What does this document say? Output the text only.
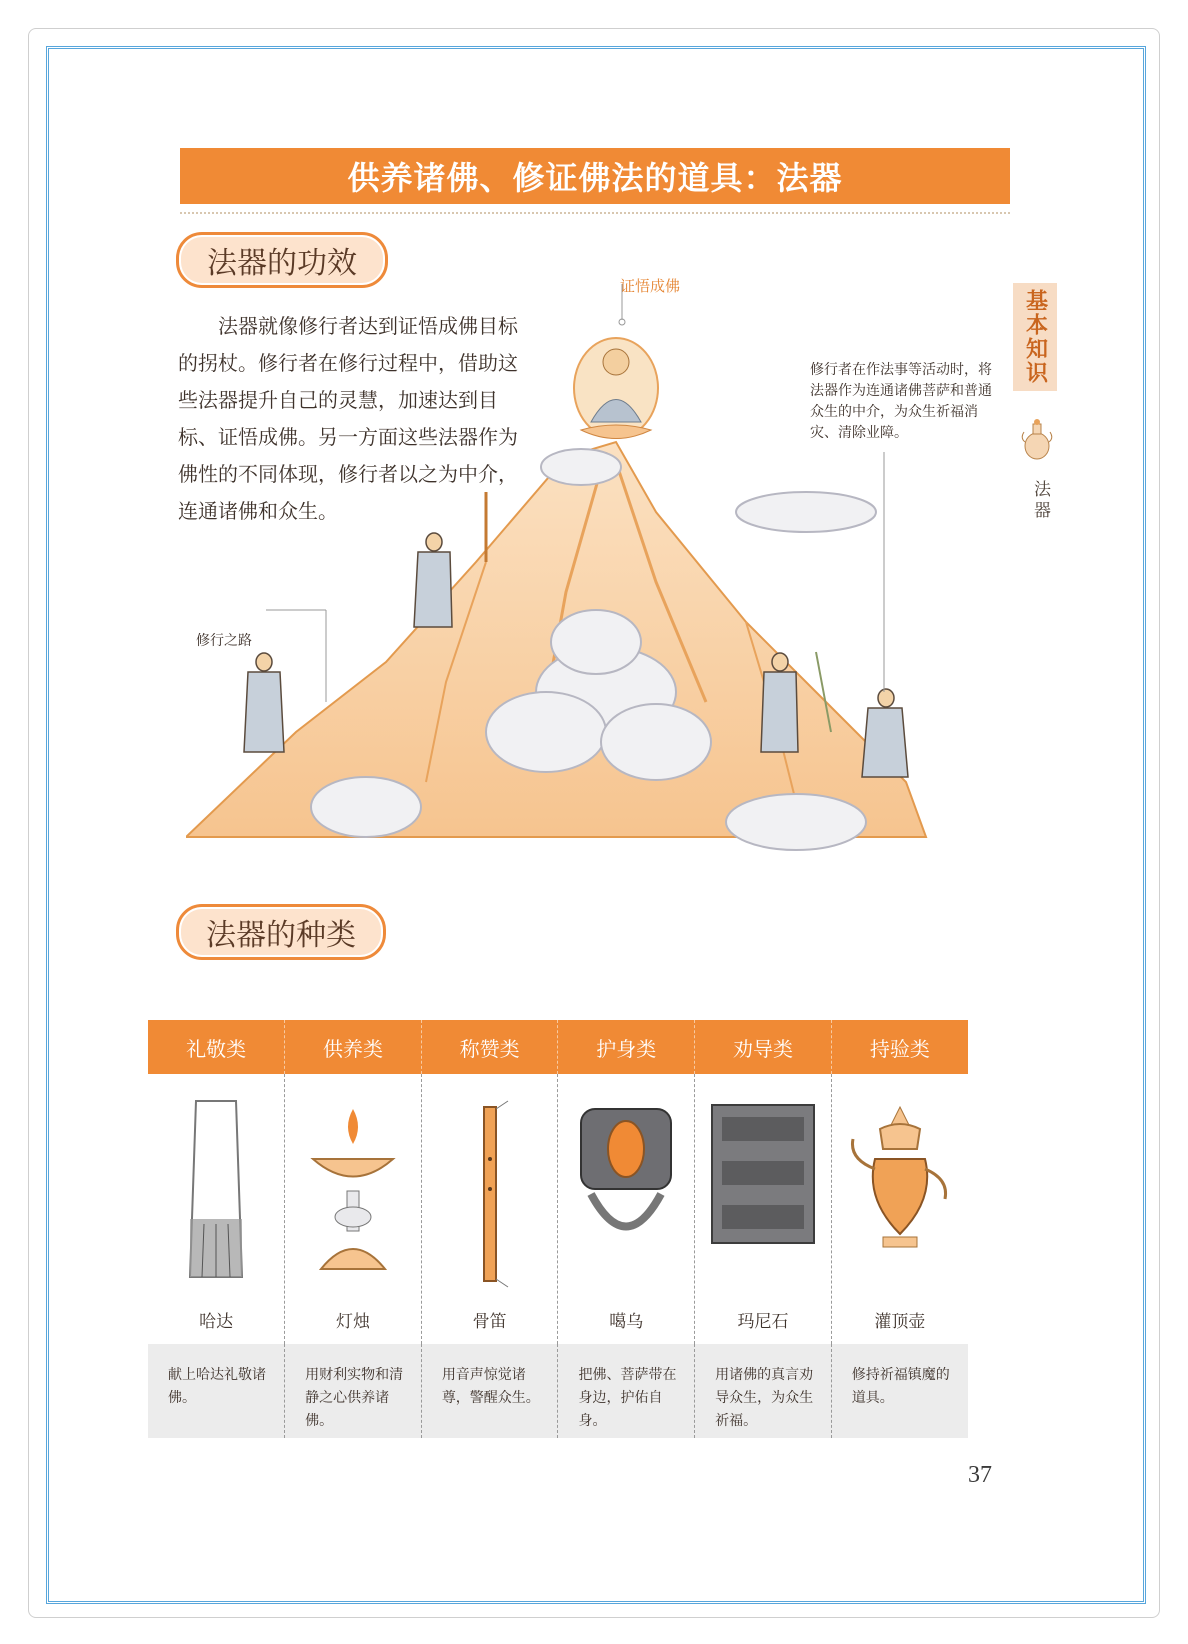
供养诸佛、修证佛法的道具：法器
法器的功效

法器就像修行者达到证悟成佛目标的拐杖。修行者在修行过程中，借助这些法器提升自己的灵慧，加速达到目标、证悟成佛。另一方面这些法器作为佛性的不同体现，修行者以之为中介，连通诸佛和众生。

基本知识
法器
证悟成佛
修行者在作法事等活动时，将法器作为连通诸佛菩萨和普通众生的中介，为众生祈福消灾、清除业障。
修行之路
法器的种类
礼敬类	供养类	称赞类	护身类	劝导类	持验类

哈达	灯烛	骨笛	噶乌	玛尼石	灌顶壶

献上哈达礼敬诸佛。	用财利实物和清静之心供养诸佛。	用音声惊觉诸尊，警醒众生。	把佛、菩萨带在身边，护佑自身。	用诸佛的真言劝导众生，为众生祈福。	修持祈福镇魔的道具。
37
